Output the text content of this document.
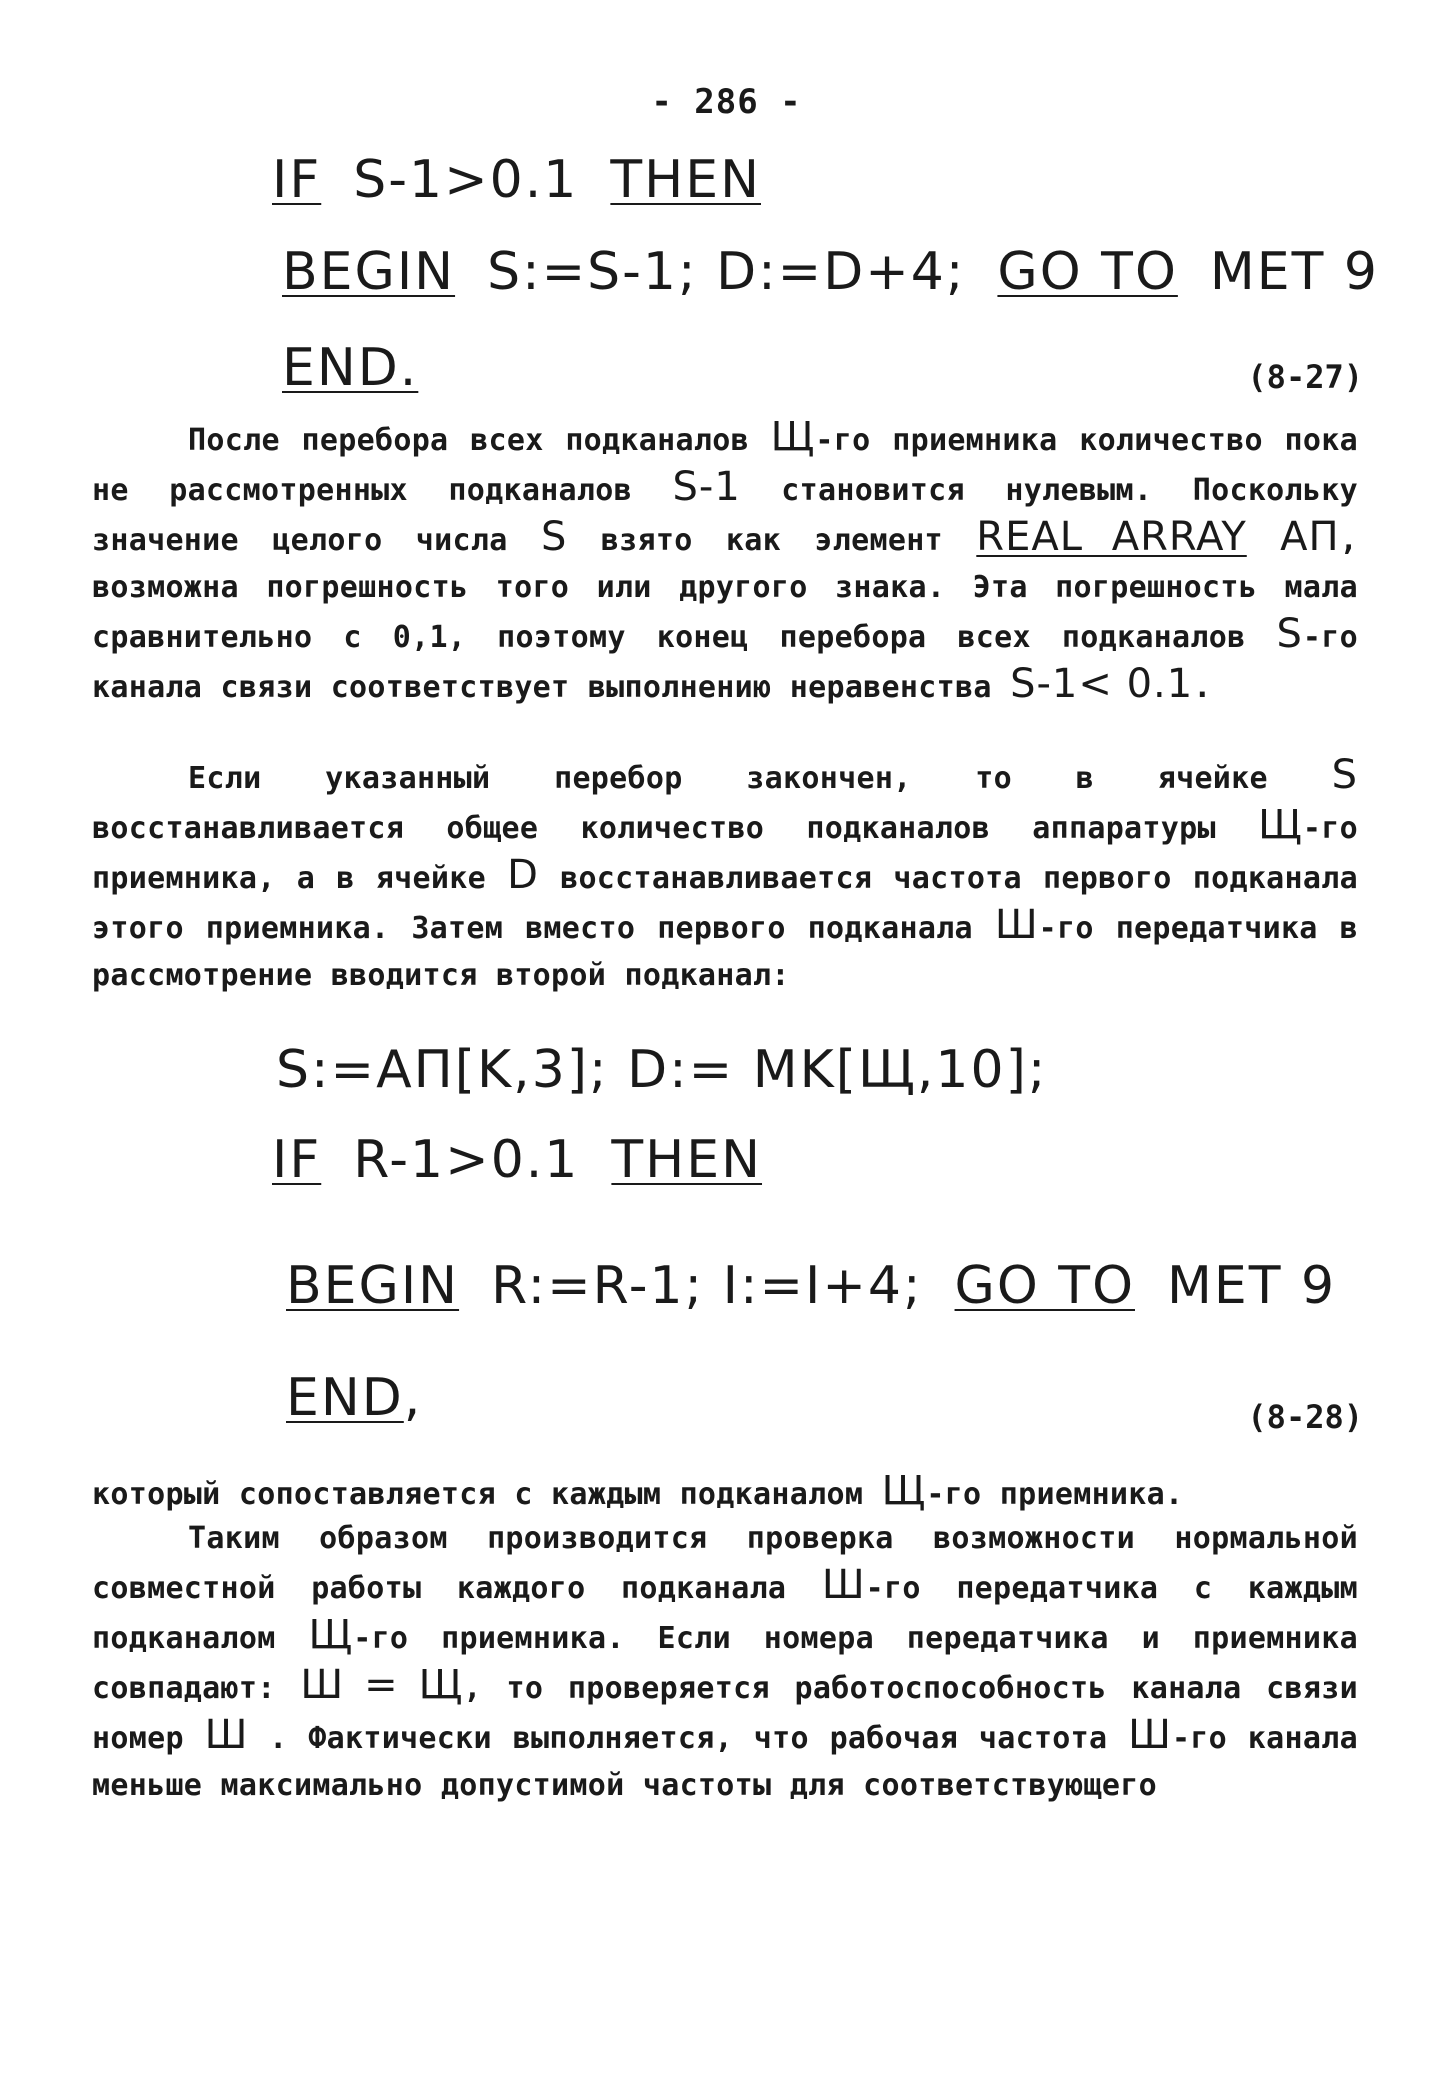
- 286 -
IF S-1>0.1 THEN
BEGIN S:=S-1; D:=D+4; GO TO MET 9
END.	(8-27)
После перебора всех подканалов Щ-го приемника количество пока не рассмотренных подканалов S-1 становится нулевым. Поскольку значение целого числа S взято как элемент REAL ARRAY АП, возможна погрешность того или другого знака. Эта погрешность мала сравнительно с 0,1, поэтому конец перебора всех подканалов S-го канала связи соответствует выполнению неравенства S-1< 0.1.
Если указанный перебор закончен, то в ячейке S восстанавливается общее количество подканалов аппаратуры Щ-го приемника, а в ячейке D восстанавливается частота первого подканала этого приемника. Затем вместо первого подканала Ш-го передатчика в рассмотрение вводится второй подканал:
S:=АП[K,3]; D:= MK[Щ,10];
IF R-1>0.1 THEN
BEGIN R:=R-1; I:=I+4; GO TO MET 9
END,	(8-28)
который сопоставляется с каждым подканалом Щ-го приемника.
Таким образом производится проверка возможности нормальной совместной работы каждого подканала Ш-го передатчика с каждым подканалом Щ-го приемника. Если номера передатчика и приемника совпадают: Ш = Щ, то проверяется работоспособность канала связи номер Ш . Фактически выполняется, что рабочая частота Ш-го канала меньше максимально допустимой частоты для соответствующего
